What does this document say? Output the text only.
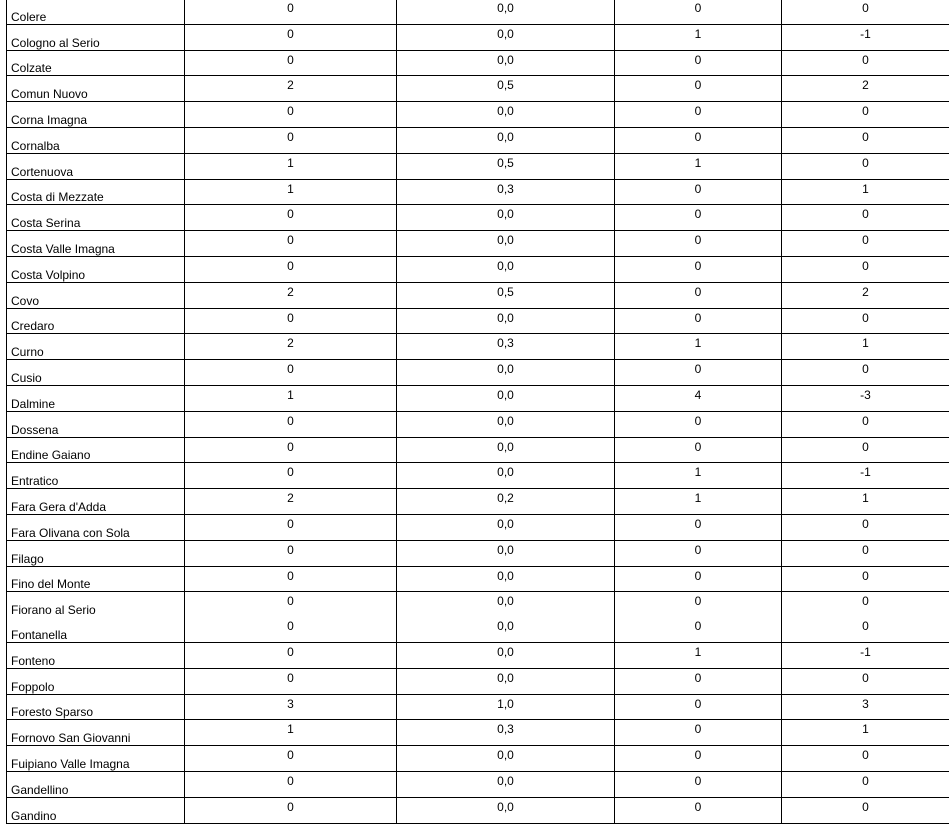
Colere	0	0,0	0	0
Cologno al Serio	0	0,0	1	-1
Colzate	0	0,0	0	0
Comun Nuovo	2	0,5	0	2
Corna Imagna	0	0,0	0	0
Cornalba	0	0,0	0	0
Cortenuova	1	0,5	1	0
Costa di Mezzate	1	0,3	0	1
Costa Serina	0	0,0	0	0
Costa Valle Imagna	0	0,0	0	0
Costa Volpino	0	0,0	0	0
Covo	2	0,5	0	2
Credaro	0	0,0	0	0
Curno	2	0,3	1	1
Cusio	0	0,0	0	0
Dalmine	1	0,0	4	-3
Dossena	0	0,0	0	0
Endine Gaiano	0	0,0	0	0
Entratico	0	0,0	1	-1
Fara Gera d'Adda	2	0,2	1	1
Fara Olivana con Sola	0	0,0	0	0
Filago	0	0,0	0	0
Fino del Monte	0	0,0	0	0
Fiorano al Serio	0	0,0	0	0
Fontanella	0	0,0	0	0
Fonteno	0	0,0	1	-1
Foppolo	0	0,0	0	0
Foresto Sparso	3	1,0	0	3
Fornovo San Giovanni	1	0,3	0	1
Fuipiano Valle Imagna	0	0,0	0	0
Gandellino	0	0,0	0	0
Gandino	0	0,0	0	0
